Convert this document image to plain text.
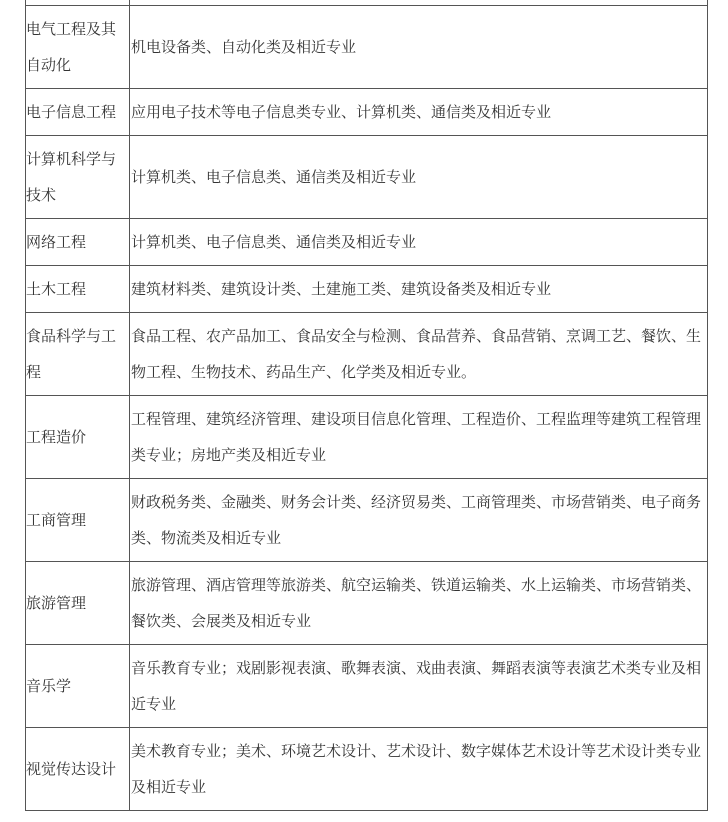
电气工程及其自动化	机电设备类、自动化类及相近专业
电子信息工程	应用电子技术等电子信息类专业、计算机类、通信类及相近专业
计算机科学与技术	计算机类、电子信息类、通信类及相近专业
网络工程	计算机类、电子信息类、通信类及相近专业
土木工程	建筑材料类、建筑设计类、土建施工类、建筑设备类及相近专业
食品科学与工程	食品工程、农产品加工、食品安全与检测、食品营养、食品营销、烹调工艺、餐饮、生物工程、生物技术、药品生产、化学类及相近专业。
工程造价	工程管理、建筑经济管理、建设项目信息化管理、工程造价、工程监理等建筑工程管理类专业；房地产类及相近专业
工商管理	财政税务类、金融类、财务会计类、经济贸易类、工商管理类、市场营销类、电子商务类、物流类及相近专业
旅游管理	旅游管理、酒店管理等旅游类、航空运输类、铁道运输类、水上运输类、市场营销类、餐饮类、会展类及相近专业
音乐学	音乐教育专业；戏剧影视表演、歌舞表演、戏曲表演、舞蹈表演等表演艺术类专业及相近专业
视觉传达设计	美术教育专业；美术、环境艺术设计、艺术设计、数字媒体艺术设计等艺术设计类专业及相近专业
